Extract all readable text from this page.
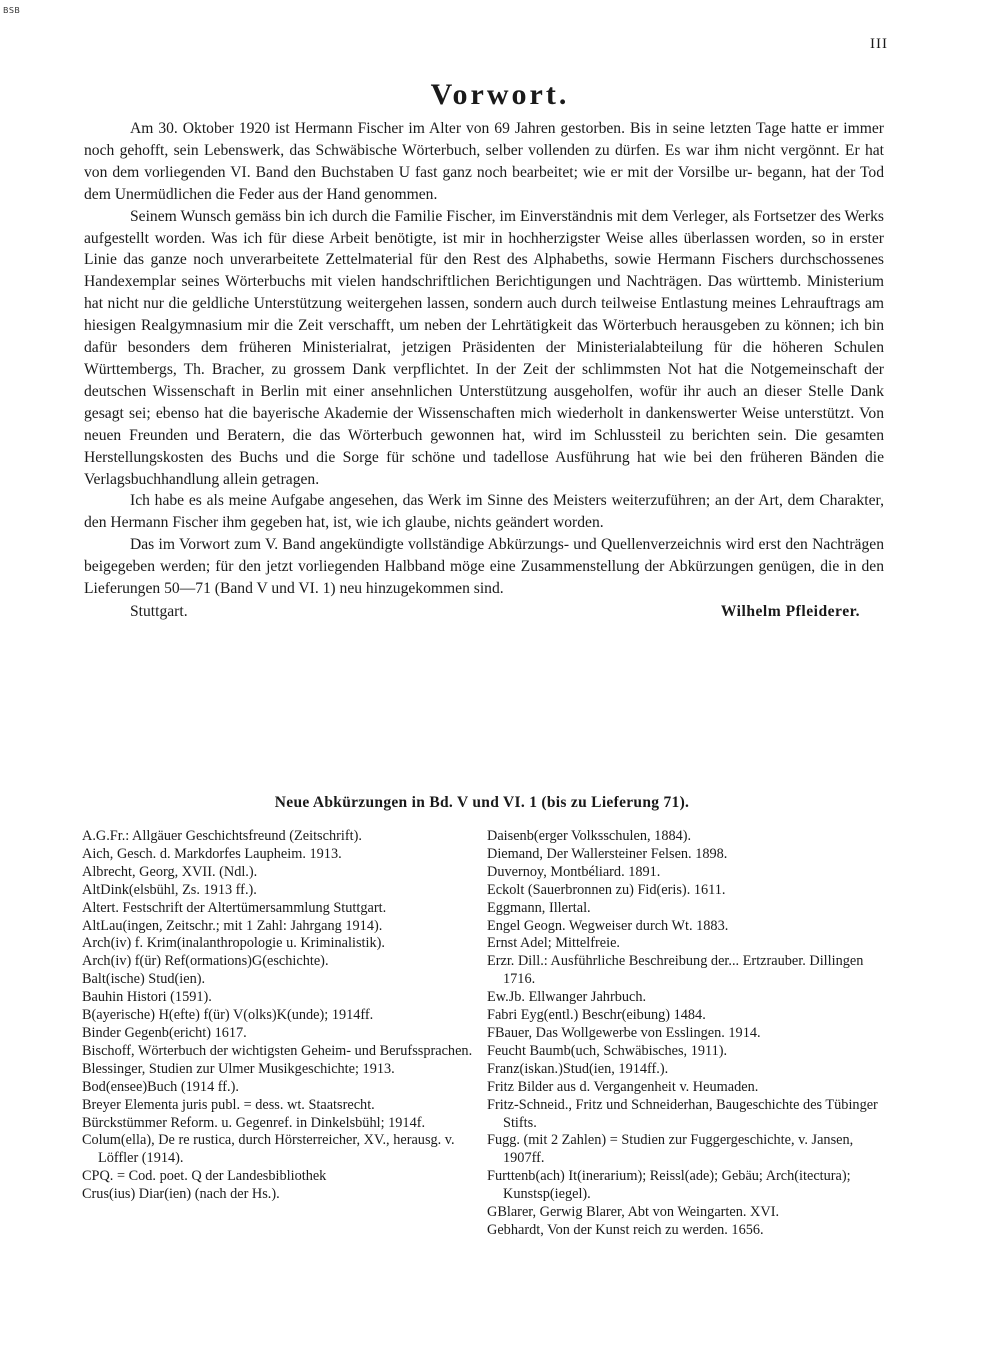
BSB
III
Vorwort.

Am 30. Oktober 1920 ist Hermann Fischer im Alter von 69 Jahren gestorben. Bis in seine letzten Tage hatte er immer noch gehofft, sein Lebenswerk, das Schwäbische Wörterbuch, selber vollenden zu dürfen. Es war ihm nicht vergönnt. Er hat von dem vorliegenden VI. Band den Buchstaben U fast ganz noch bearbeitet; wie er mit der Vorsilbe ur- begann, hat der Tod dem Unermüdlichen die Feder aus der Hand genommen.

Seinem Wunsch gemäss bin ich durch die Familie Fischer, im Einverständnis mit dem Verleger, als Fortsetzer des Werks aufgestellt worden. Was ich für diese Arbeit benötigte, ist mir in hochherzigster Weise alles überlassen worden, so in erster Linie das ganze noch unverarbeitete Zettelmaterial für den Rest des Alphabeths, sowie Hermann Fischers durchschossenes Handexemplar seines Wörterbuchs mit vielen handschriftlichen Berichtigungen und Nachträgen. Das württemb. Ministerium hat nicht nur die geldliche Unterstützung weitergehen lassen, sondern auch durch teilweise Entlastung meines Lehrauftrags am hiesigen Realgymnasium mir die Zeit verschafft, um neben der Lehrtätigkeit das Wörterbuch herausgeben zu können; ich bin dafür besonders dem früheren Ministerialrat, jetzigen Präsidenten der Ministerialabteilung für die höheren Schulen Württembergs, Th. Bracher, zu grossem Dank verpflichtet. In der Zeit der schlimmsten Not hat die Notgemeinschaft der deutschen Wissenschaft in Berlin mit einer ansehnlichen Unterstützung ausgeholfen, wofür ihr auch an dieser Stelle Dank gesagt sei; ebenso hat die bayerische Akademie der Wissenschaften mich wiederholt in dankenswerter Weise unterstützt. Von neuen Freunden und Beratern, die das Wörterbuch gewonnen hat, wird im Schlussteil zu berichten sein. Die gesamten Herstellungskosten des Buchs und die Sorge für schöne und tadellose Ausführung hat wie bei den früheren Bänden die Verlagsbuchhandlung allein getragen.

Ich habe es als meine Aufgabe angesehen, das Werk im Sinne des Meisters weiterzuführen; an der Art, dem Charakter, den Hermann Fischer ihm gegeben hat, ist, wie ich glaube, nichts geändert worden.

Das im Vorwort zum V. Band angekündigte vollständige Abkürzungs- und Quellenverzeichnis wird erst den Nachträgen beigegeben werden; für den jetzt vorliegenden Halbband möge eine Zusammenstellung der Abkürzungen genügen, die in den Lieferungen 50—71 (Band V und VI. 1) neu hinzugekommen sind.

Stuttgart.	Wilhelm Pfleiderer.
Neue Abkürzungen in Bd. V und VI. 1 (bis zu Lieferung 71).

A.G.Fr.: Allgäuer Geschichtsfreund (Zeitschrift).

Aich, Gesch. d. Markdorfes Laupheim. 1913.

Albrecht, Georg, XVII. (Ndl.).

AltDink(elsbühl, Zs. 1913 ff.).

Altert. Festschrift der Altertümersammlung Stuttgart.

AltLau(ingen, Zeitschr.; mit 1 Zahl: Jahrgang 1914).

Arch(iv) f. Krim(inalanthropologie u. Kriminalistik).

Arch(iv) f(ür) Ref(ormations)G(eschichte).

Balt(ische) Stud(ien).

Bauhin Histori (1591).

B(ayerische) H(efte) f(ür) V(olks)K(unde); 1914ff.

Binder Gegenb(ericht) 1617.

Bischoff, Wörterbuch der wichtigsten Geheim- und Berufssprachen.

Blessinger, Studien zur Ulmer Musikgeschichte; 1913.

Bod(ensee)Buch (1914 ff.).

Breyer Elementa juris publ. = dess. wt. Staatsrecht.

Bürckstümmer Reform. u. Gegenref. in Dinkelsbühl; 1914f.

Colum(ella), De re rustica, durch Hörsterreicher, XV., herausg. v. Löffler (1914).

CPQ. = Cod. poet. Q der Landesbibliothek

Crus(ius) Diar(ien) (nach der Hs.).

Daisenb(erger Volksschulen, 1884).

Diemand, Der Wallersteiner Felsen. 1898.

Duvernoy, Montbéliard. 1891.

Eckolt (Sauerbronnen zu) Fid(eris). 1611.

Eggmann, Illertal.

Engel Geogn. Wegweiser durch Wt. 1883.

Ernst Adel; Mittelfreie.

Erzr. Dill.: Ausführliche Beschreibung der... Ertzrauber. Dillingen 1716.

Ew.Jb. Ellwanger Jahrbuch.

Fabri Eyg(entl.) Beschr(eibung) 1484.

FBauer, Das Wollgewerbe von Esslingen. 1914.

Feucht Baumb(uch, Schwäbisches, 1911).

Franz(iskan.)Stud(ien, 1914ff.).

Fritz Bilder aus d. Vergangenheit v. Heumaden.

Fritz-Schneid., Fritz und Schneiderhan, Baugeschichte des Tübinger Stifts.

Fugg. (mit 2 Zahlen) = Studien zur Fuggergeschichte, v. Jansen, 1907ff.

Furttenb(ach) It(inerarium); Reissl(ade); Gebäu; Arch(itectura); Kunstsp(iegel).

GBlarer, Gerwig Blarer, Abt von Weingarten. XVI.

Gebhardt, Von der Kunst reich zu werden. 1656.
